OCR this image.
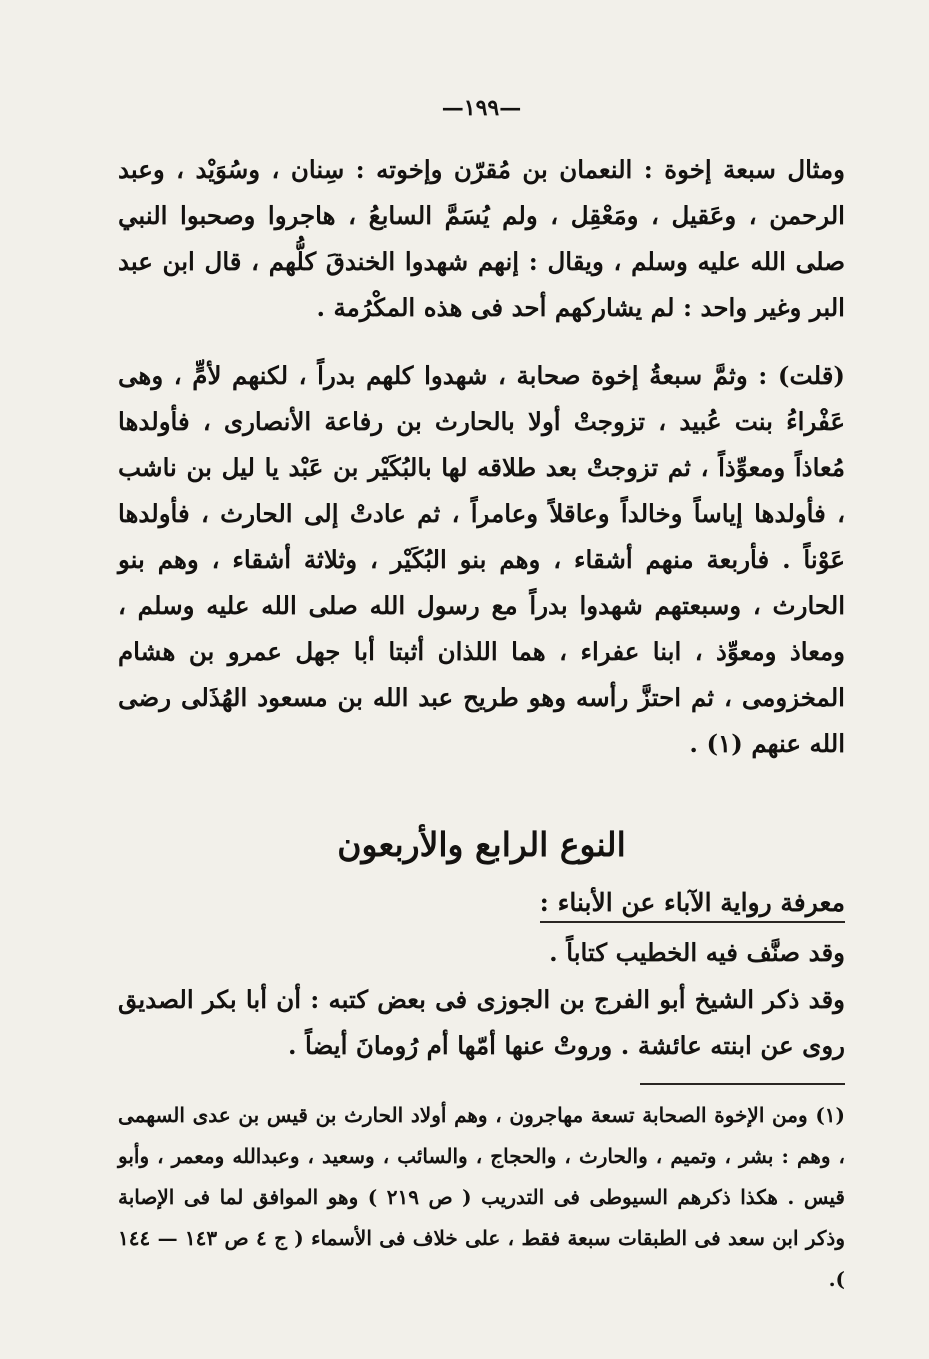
—١٩٩—

ومثال سبعة إخوة : النعمان بن مُقرّن وإخوته : سِنان ، وسُوَيْد ، وعبد الرحمن ، وعَقيل ، ومَعْقِل ، ولم يُسَمَّ السابعُ ، هاجروا وصحبوا النبي صلى الله عليه وسلم ، ويقال : إنهم شهدوا الخندقَ كلُّهم ، قال ابن عبد البر وغير واحد : لم يشاركهم أحد فى هذه المكْرُمة .

(قلت) : وثمَّ سبعةُ إخوة صحابة ، شهدوا كلهم بدراً ، لكنهم لأمٍّ ، وهى عَفْراءُ بنت عُبيد ، تزوجتْ أولا بالحارث بن رفاعة الأنصارى ، فأولدها مُعاذاً ومعوِّذاً ، ثم تزوجتْ بعد طلاقه لها بالبُكَيْر بن عَبْد يا ليل بن ناشب ، فأولدها إياساً وخالداً وعاقلاً وعامراً ، ثم عادتْ إلى الحارث ، فأولدها عَوْناً . فأربعة منهم أشقاء ، وهم بنو البُكَيْر ، وثلاثة أشقاء ، وهم بنو الحارث ، وسبعتهم شهدوا بدراً مع رسول الله صلى الله عليه وسلم ، ومعاذ ومعوِّذ ، ابنا عفراء ، هما اللذان أثبتا أبا جهل عمرو بن هشام المخزومى ، ثم احتزَّ رأسه وهو طريح عبد الله بن مسعود الهُذَلى رضى الله عنهم (١) .

النوع الرابع والأربعون
معرفة رواية الآباء عن الأبناء :

وقد صنَّف فيه الخطيب كتاباً .

وقد ذكر الشيخ أبو الفرج بن الجوزى فى بعض كتبه : أن أبا بكر الصديق روى عن ابنته عائشة . وروتْ عنها أمّها أم رُومانَ أيضاً .

(١) ومن الإخوة الصحابة تسعة مهاجرون ، وهم أولاد الحارث بن قيس بن عدى السهمى ، وهم : بشر ، وتميم ، والحارث ، والحجاج ، والسائب ، وسعيد ، وعبدالله ومعمر ، وأبو قيس . هكذا ذكرهم السيوطى فى التدريب ( ص ٢١٩ ) وهو الموافق لما فى الإصابة وذكر ابن سعد فى الطبقات سبعة فقط ، على خلاف فى الأسماء ( ج ٤ ص ١٤٣ — ١٤٤ ).
